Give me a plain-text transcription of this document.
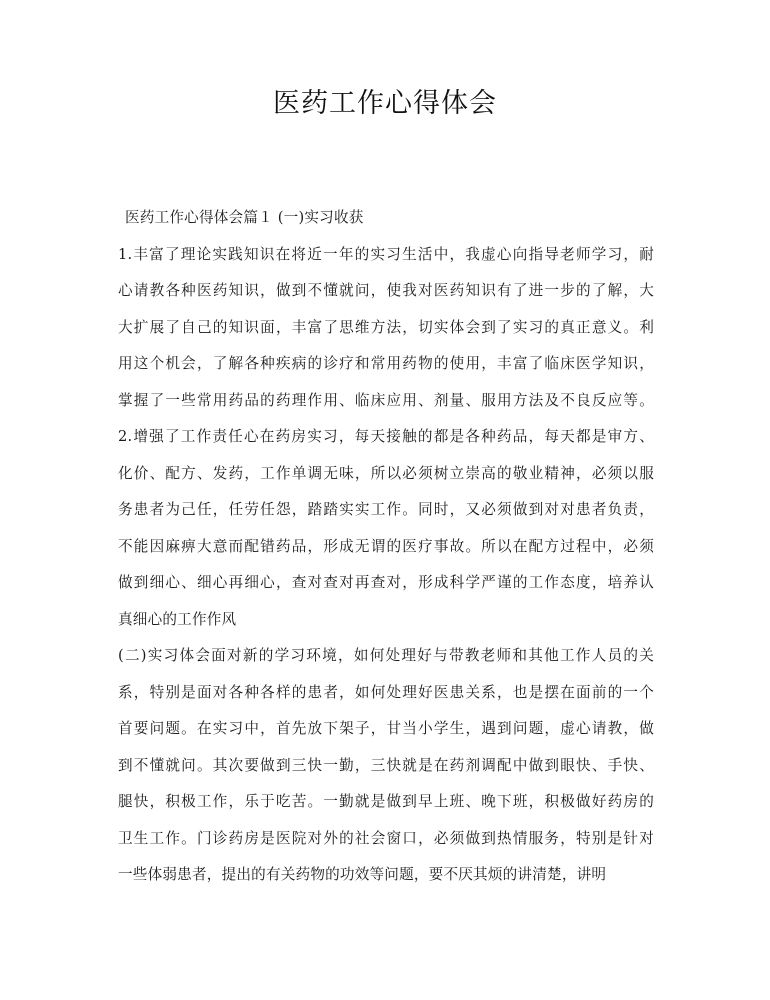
医药工作心得体会
医药工作心得体会篇１ (一)实习收获
1.丰富了理论实践知识在将近一年的实习生活中，我虚心向指导老师学习，耐
心请教各种医药知识，做到不懂就问，使我对医药知识有了进一步的了解，大
大扩展了自己的知识面，丰富了思维方法，切实体会到了实习的真正意义。利
用这个机会，了解各种疾病的诊疗和常用药物的使用，丰富了临床医学知识，
掌握了一些常用药品的药理作用、临床应用、剂量、服用方法及不良反应等。
2.增强了工作责任心在药房实习，每天接触的都是各种药品，每天都是审方、
化价、配方、发药，工作单调无味，所以必须树立崇高的敬业精神，必须以服
务患者为己任，任劳任怨，踏踏实实工作。同时，又必须做到对对患者负责，
不能因麻痹大意而配错药品，形成无谓的医疗事故。所以在配方过程中，必须
做到细心、细心再细心，查对查对再查对，形成科学严谨的工作态度，培养认
真细心的工作作风
(二)实习体会面对新的学习环境，如何处理好与带教老师和其他工作人员的关
系，特别是面对各种各样的患者，如何处理好医患关系，也是摆在面前的一个
首要问题。在实习中，首先放下架子，甘当小学生，遇到问题，虚心请教，做
到不懂就问。其次要做到三快一勤，三快就是在药剂调配中做到眼快、手快、
腿快，积极工作，乐于吃苦。一勤就是做到早上班、晚下班，积极做好药房的
卫生工作。门诊药房是医院对外的社会窗口，必须做到热情服务，特别是针对
一些体弱患者，提出的有关药物的功效等问题，要不厌其烦的讲清楚，讲明
